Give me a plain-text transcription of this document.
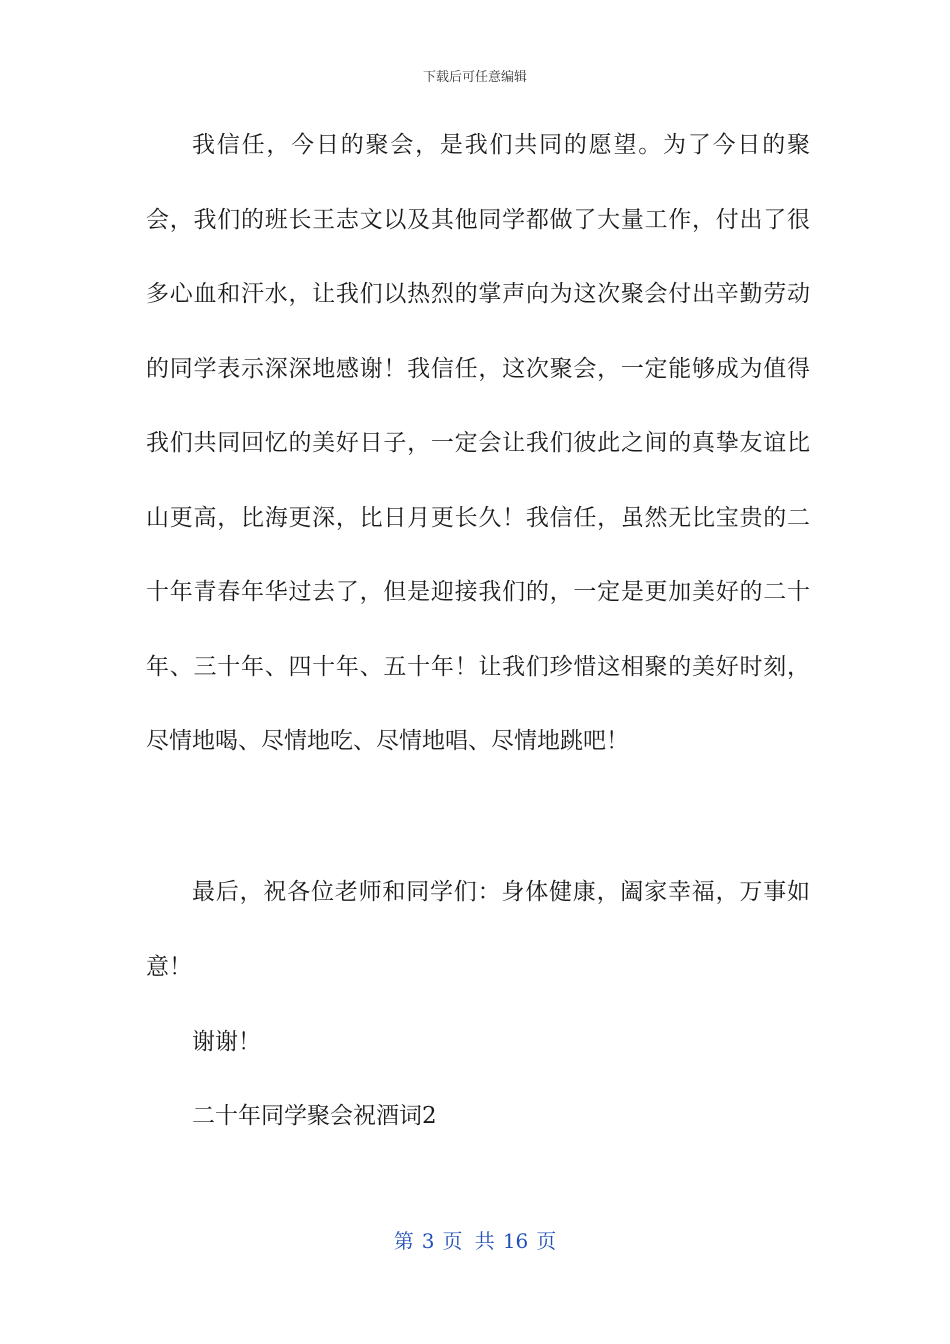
下载后可任意编辑

我信任，今日的聚会，是我们共同的愿望。为了今日的聚会，我们的班长王志文以及其他同学都做了大量工作，付出了很多心血和汗水，让我们以热烈的掌声向为这次聚会付出辛勤劳动的同学表示深深地感谢！我信任，这次聚会，一定能够成为值得我们共同回忆的美好日子，一定会让我们彼此之间的真挚友谊比山更高，比海更深，比日月更长久！我信任，虽然无比宝贵的二十年青春年华过去了，但是迎接我们的，一定是更加美好的二十年、三十年、四十年、五十年！让我们珍惜这相聚的美好时刻，尽情地喝、尽情地吃、尽情地唱、尽情地跳吧！

最后，祝各位老师和同学们：身体健康，阖家幸福，万事如意！

谢谢！

二十年同学聚会祝酒词2

第 3 页 共 16 页
